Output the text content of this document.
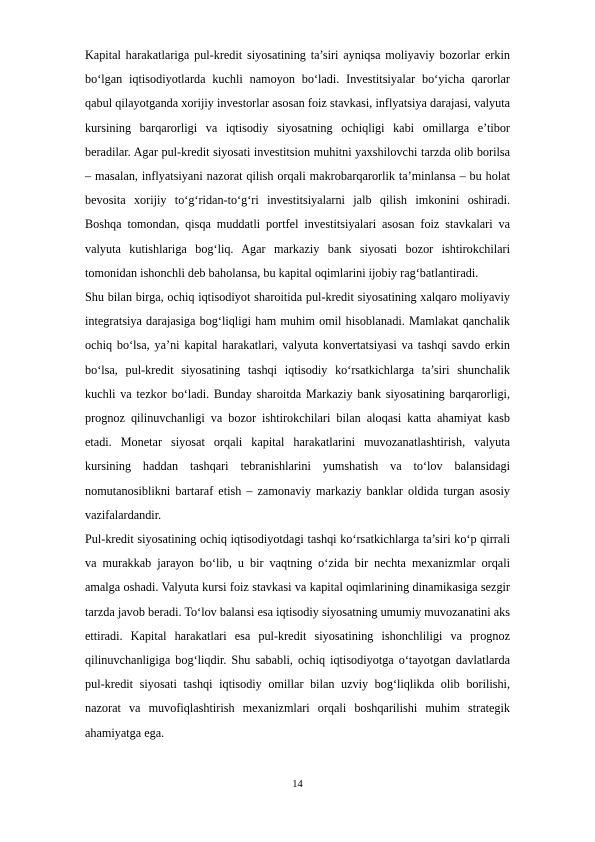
Kapital harakatlariga pul-kredit siyosatining ta’siri ayniqsa moliyaviy bozorlar erkin bo‘lgan iqtisodiyotlarda kuchli namoyon bo‘ladi. Investitsiyalar bo‘yicha qarorlar qabul qilayotganda xorijiy investorlar asosan foiz stavkasi, inflyatsiya darajasi, valyuta kursining barqarorligi va iqtisodiy siyosatning ochiqligi kabi omillarga e’tibor beradilar. Agar pul-kredit siyosati investitsion muhitni yaxshilovchi tarzda olib borilsa – masalan, inflyatsiyani nazorat qilish orqali makrobarqarorlik ta’minlansa – bu holat bevosita xorijiy to‘g‘ridan-to‘g‘ri investitsiyalarni jalb qilish imkonini oshiradi. Boshqa tomondan, qisqa muddatli portfel investitsiyalari asosan foiz stavkalari va valyuta kutishlariga bog‘liq. Agar markaziy bank siyosati bozor ishtirokchilari tomonidan ishonchli deb baholansa, bu kapital oqimlarini ijobiy rag‘batlantiradi.

Shu bilan birga, ochiq iqtisodiyot sharoitida pul-kredit siyosatining xalqaro moliyaviy integratsiya darajasiga bog‘liqligi ham muhim omil hisoblanadi. Mamlakat qanchalik ochiq bo‘lsa, ya’ni kapital harakatlari, valyuta konvertatsiyasi va tashqi savdo erkin bo‘lsa, pul-kredit siyosatining tashqi iqtisodiy ko‘rsatkichlarga ta’siri shunchalik kuchli va tezkor bo‘ladi. Bunday sharoitda Markaziy bank siyosatining barqarorligi, prognoz qilinuvchanligi va bozor ishtirokchilari bilan aloqasi katta ahamiyat kasb etadi. Monetar siyosat orqali kapital harakatlarini muvozanatlashtirish, valyuta kursining haddan tashqari tebranishlarini yumshatish va to‘lov balansidagi nomutanosiblikni bartaraf etish – zamonaviy markaziy banklar oldida turgan asosiy vazifalardandir.

Pul-kredit siyosatining ochiq iqtisodiyotdagi tashqi ko‘rsatkichlarga ta’siri ko‘p qirrali va murakkab jarayon bo‘lib, u bir vaqtning o‘zida bir nechta mexanizmlar orqali amalga oshadi. Valyuta kursi foiz stavkasi va kapital oqimlarining dinamikasiga sezgir tarzda javob beradi. To‘lov balansi esa iqtisodiy siyosatning umumiy muvozanatini aks ettiradi. Kapital harakatlari esa pul-kredit siyosatining ishonchliligi va prognoz qilinuvchanligiga bog‘liqdir. Shu sababli, ochiq iqtisodiyotga o‘tayotgan davlatlarda pul-kredit siyosati tashqi iqtisodiy omillar bilan uzviy bog‘liqlikda olib borilishi, nazorat va muvofiqlashtirish mexanizmlari orqali boshqarilishi muhim strategik ahamiyatga ega.

14
